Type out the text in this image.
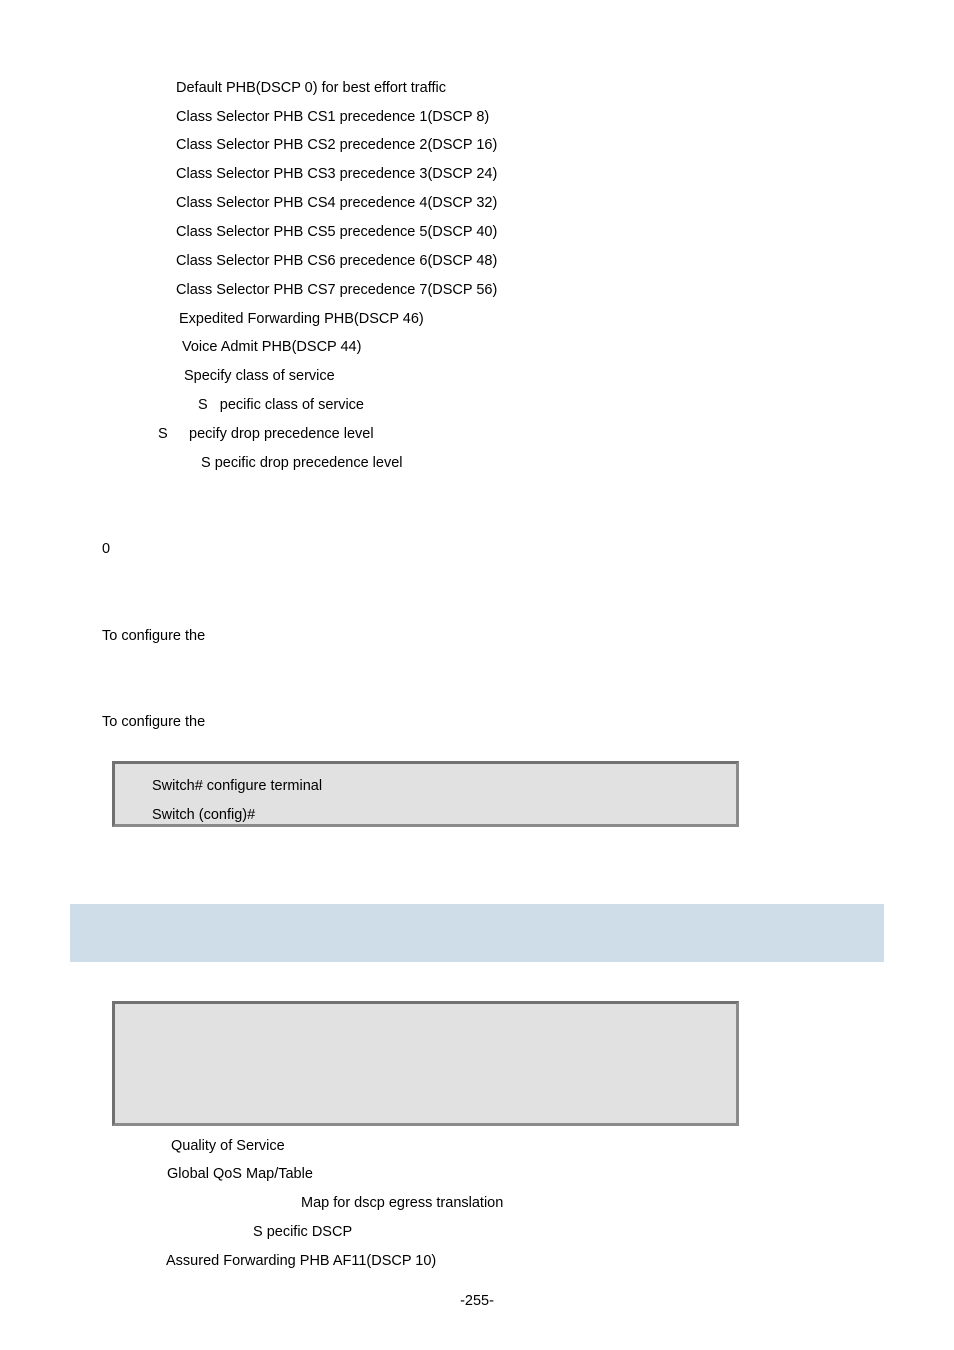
Default PHB(DSCP 0) for best effort traffic
Class Selector PHB CS1 precedence 1(DSCP 8)
Class Selector PHB CS2 precedence 2(DSCP 16)
Class Selector PHB CS3 precedence 3(DSCP 24)
Class Selector PHB CS4 precedence 4(DSCP 32)
Class Selector PHB CS5 precedence 5(DSCP 40)
Class Selector PHB CS6 precedence 6(DSCP 48)
Class Selector PHB CS7 precedence 7(DSCP 56)
Expedited Forwarding PHB(DSCP 46)
Voice Admit PHB(DSCP 44)
Specify class of service
S   pecific class of service
S pecify drop precedence level
S pecific drop precedence level
0
To configure the
To configure the
Switch# configure terminal
Switch (config)#
Quality of Service
Global QoS Map/Table
Map for dscp egress translation
S pecific DSCP
Assured Forwarding PHB AF11(DSCP 10)
-255-
